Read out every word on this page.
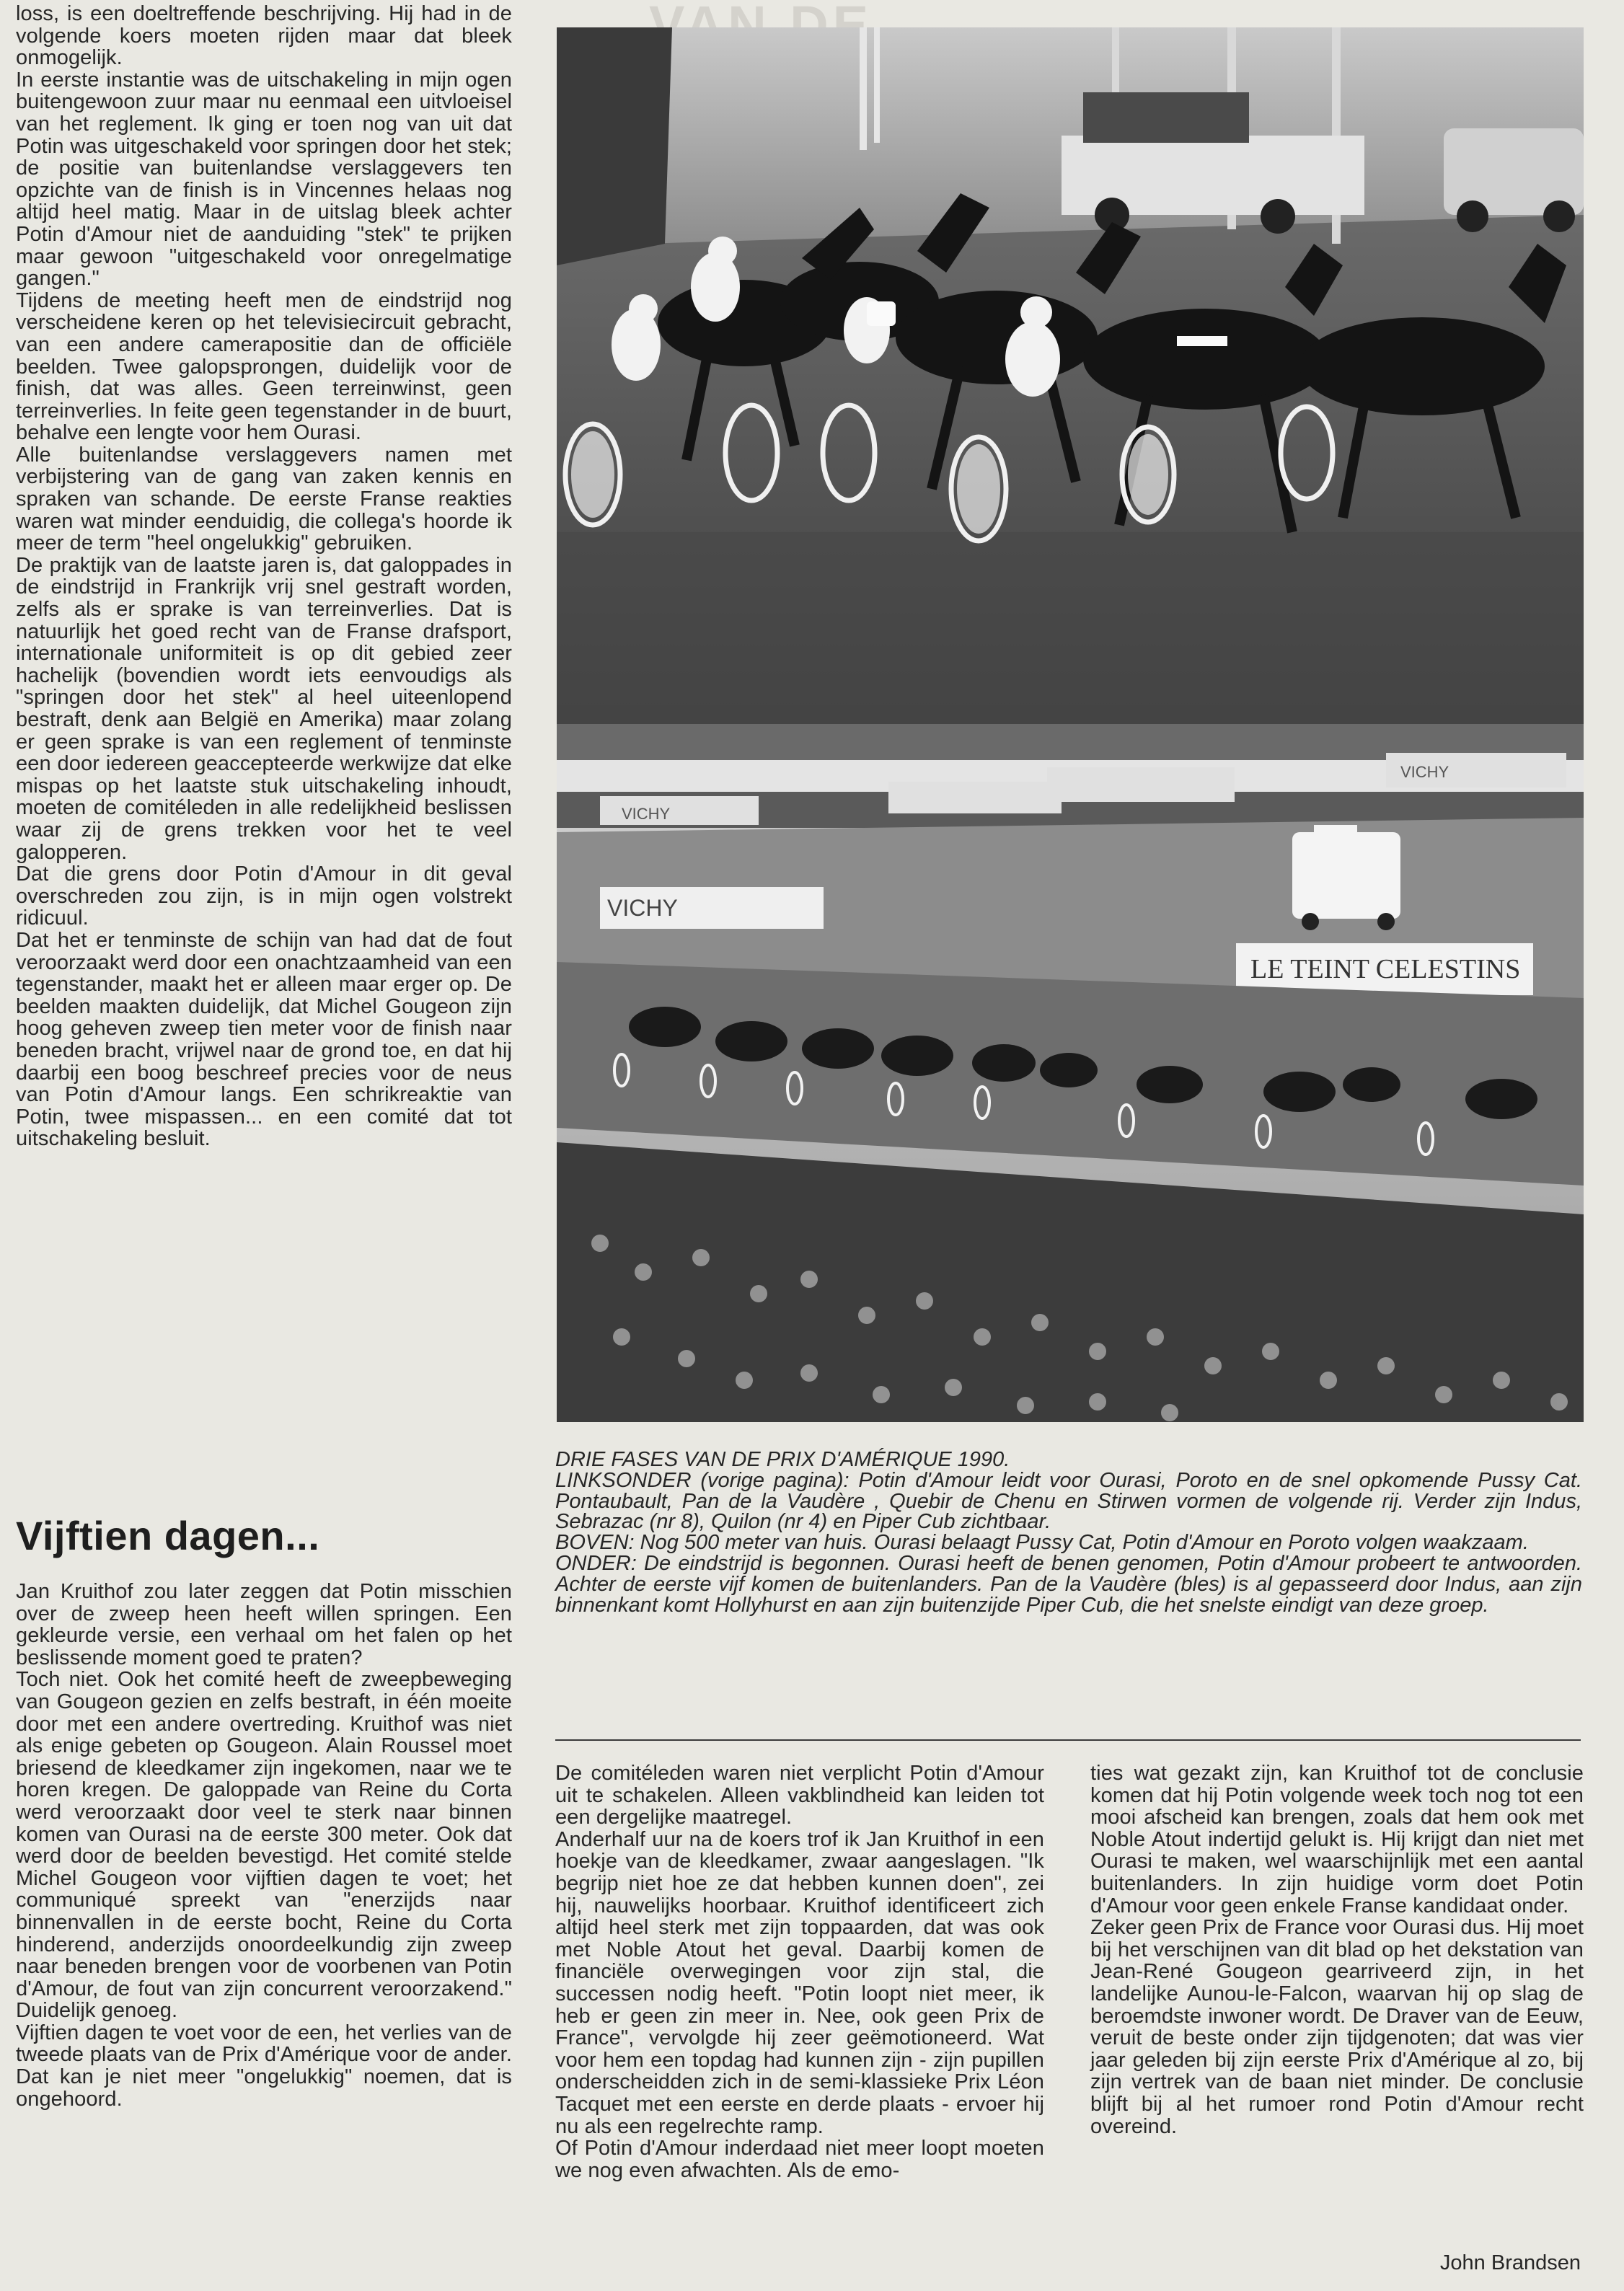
loss, is een doeltreffende beschrijving. Hij had in de volgende koers moeten rijden maar dat bleek onmogelijk.

In eerste instantie was de uitschakeling in mijn ogen buitengewoon zuur maar nu eenmaal een uitvloeisel van het reglement. Ik ging er toen nog van uit dat Potin was uitgeschakeld voor springen door het stek; de positie van buitenlandse verslaggevers ten opzichte van de finish is in Vincennes helaas nog altijd heel matig. Maar in de uitslag bleek achter Potin d'Amour niet de aanduiding "stek" te prijken maar gewoon "uitgeschakeld voor onregelmatige gangen."

Tijdens de meeting heeft men de eindstrijd nog verscheidene keren op het televisiecircuit gebracht, van een andere camerapositie dan de officiële beelden. Twee galopsprongen, duidelijk voor de finish, dat was alles. Geen terreinwinst, geen terreinverlies. In feite geen tegenstander in de buurt, behalve een lengte voor hem Ourasi.

Alle buitenlandse verslaggevers namen met verbijstering van de gang van zaken kennis en spraken van schande. De eerste Franse reakties waren wat minder eenduidig, die collega's hoorde ik meer de term "heel ongelukkig" gebruiken.

De praktijk van de laatste jaren is, dat galoppades in de eindstrijd in Frankrijk vrij snel gestraft worden, zelfs als er sprake is van terreinverlies. Dat is natuurlijk het goed recht van de Franse drafsport, internationale uniformiteit is op dit gebied zeer hachelijk (bovendien wordt iets eenvoudigs als "springen door het stek" al heel uiteenlopend bestraft, denk aan België en Amerika) maar zolang er geen sprake is van een reglement of tenminste een door iedereen geaccepteerde werkwijze dat elke mispas op het laatste stuk uitschakeling inhoudt, moeten de comitéleden in alle redelijkheid beslissen waar zij de grens trekken voor het te veel galopperen.

Dat die grens door Potin d'Amour in dit geval overschreden zou zijn, is in mijn ogen volstrekt ridicuul.

Dat het er tenminste de schijn van had dat de fout veroorzaakt werd door een onachtzaamheid van een tegenstander, maakt het er alleen maar erger op. De beelden maakten duidelijk, dat Michel Gougeon zijn hoog geheven zweep tien meter voor de finish naar beneden bracht, vrijwel naar de grond toe, en dat hij daarbij een boog beschreef precies voor de neus van Potin d'Amour langs. Een schrikreaktie van Potin, twee mispassen... en een comité dat tot uitschakeling besluit.

Vijftien dagen...

Jan Kruithof zou later zeggen dat Potin misschien over de zweep heen heeft willen springen. Een gekleurde versie, een verhaal om het falen op het beslissende moment goed te praten?

Toch niet. Ook het comité heeft de zweepbeweging van Gougeon gezien en zelfs bestraft, in één moeite door met een andere overtreding. Kruithof was niet als enige gebeten op Gougeon. Alain Roussel moet briesend de kleedkamer zijn ingekomen, naar we te horen kregen. De galoppade van Reine du Corta werd veroorzaakt door veel te sterk naar binnen komen van Ourasi na de eerste 300 meter. Ook dat werd door de beelden bevestigd. Het comité stelde Michel Gougeon voor vijftien dagen te voet; het communiqué spreekt van "enerzijds naar binnenvallen in de eerste bocht, Reine du Corta hinderend, anderzijds onoordeelkundig zijn zweep naar beneden brengen voor de voorbenen van Potin d'Amour, de fout van zijn concurrent veroorzakend." Duidelijk genoeg.

Vijftien dagen te voet voor de een, het verlies van de tweede plaats van de Prix d'Amérique voor de ander. Dat kan je niet meer "ongelukkig" noemen, dat is ongehoord.

VICHY
VICHY
VICHY
LE TEINT CELESTINS

DRIE FASES VAN DE PRIX D'AMÉRIQUE 1990.

LINKSONDER (vorige pagina): Potin d'Amour leidt voor Ourasi, Poroto en de snel opkomende Pussy Cat. Pontaubault, Pan de la Vaudère , Quebir de Chenu en Stirwen vormen de volgende rij. Verder zijn Indus, Sebrazac (nr 8), Quilon (nr 4) en Piper Cub zichtbaar.

BOVEN: Nog 500 meter van huis. Ourasi belaagt Pussy Cat, Potin d'Amour en Poroto volgen waakzaam.

ONDER: De eindstrijd is begonnen. Ourasi heeft de benen genomen, Potin d'Amour probeert te antwoorden. Achter de eerste vijf komen de buitenlanders. Pan de la Vaudère (bles) is al gepasseerd door Indus, aan zijn binnenkant komt Hollyhurst en aan zijn buitenzijde Piper Cub, die het snelste eindigt van deze groep.

De comitéleden waren niet verplicht Potin d'Amour uit te schakelen. Alleen vakblindheid kan leiden tot een dergelijke maatregel.

Anderhalf uur na de koers trof ik Jan Kruithof in een hoekje van de kleedkamer, zwaar aangeslagen. "Ik begrijp niet hoe ze dat hebben kunnen doen", zei hij, nauwelijks hoorbaar. Kruithof identificeert zich altijd heel sterk met zijn toppaarden, dat was ook met Noble Atout het geval. Daarbij komen de financiële overwegingen voor zijn stal, die successen nodig heeft. "Potin loopt niet meer, ik heb er geen zin meer in. Nee, ook geen Prix de France", vervolgde hij zeer geëmotioneerd. Wat voor hem een topdag had kunnen zijn - zijn pupillen onderscheidden zich in de semi-klassieke Prix Léon Tacquet met een eerste en derde plaats - ervoer hij nu als een regelrechte ramp.

Of Potin d'Amour inderdaad niet meer loopt moeten we nog even afwachten. Als de emo-

ties wat gezakt zijn, kan Kruithof tot de conclusie komen dat hij Potin volgende week toch nog tot een mooi afscheid kan brengen, zoals dat hem ook met Noble Atout indertijd gelukt is. Hij krijgt dan niet met Ourasi te maken, wel waarschijnlijk met een aantal buitenlanders. In zijn huidige vorm doet Potin d'Amour voor geen enkele Franse kandidaat onder.

Zeker geen Prix de France voor Ourasi dus. Hij moet bij het verschijnen van dit blad op het dekstation van Jean-René Gougeon gearriveerd zijn, in het landelijke Aunou-le-Falcon, waarvan hij op slag de beroemdste inwoner wordt. De Draver van de Eeuw, veruit de beste onder zijn tijdgenoten; dat was vier jaar geleden bij zijn eerste Prix d'Amérique al zo, bij zijn vertrek van de baan niet minder. De conclusie blijft bij al het rumoer rond Potin d'Amour recht overeind.

John Brandsen
